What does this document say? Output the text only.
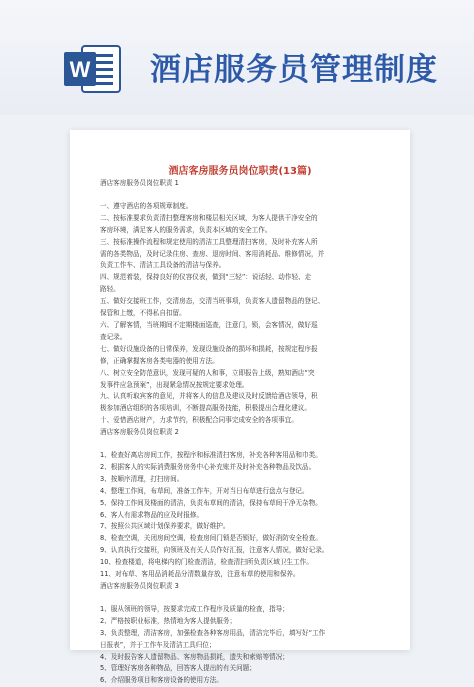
W 酒店服务员管理制度
酒店客房服务员岗位职责(13篇)

酒店客房服务员岗位职责 1

一、遵守酒店的各项规章制度。

二、按标准要求负责清扫整理客房和楼层相关区域，为客人提供干净安全的

客房环境，满足客人的服务需求，负责本区域的安全工作。

三、按标准操作流程和规定使用的清洁工具整理清扫客房，及时补充客人所

需的各类物品，及时记录住房、查房、退房时间、客用消耗品、维修情况，并

负责工作车、清洁工具设备的清洁与保养。

四、规范着装，保持良好的仪容仪表，做到“三轻”：说话轻、动作轻、走

路轻。

五、做好交接班工作，交清房态，交清当班事项，负责客人遗留物品的登记、

保管和上缴，不得私自扣留。

六、了解客情，当班期间不定期楼面巡查，注意门，锁，会客情况，做好巡

查记录。

七、做好设施设备的日常保养，发现设施设备的损坏和损耗，按规定程序报

修，正确掌握客房各类电器的使用方法。

八、树立安全防范意识，发现可疑的人和事，立即报告上级，熟知酒店“突

发事件应急预案”，出现紧急情况按规定要求处理。

九、认真听取宾客的意见，并将客人的信息及建议及时反馈给酒店领导，积

极参加酒店组织的各项培训，不断提高服务技能，积极提出合理化建议。

十、爱惜酒店财产，力求节约，积极配合同事完成安全的各项事宜。

酒店客房服务员岗位职责 2

1、检查好离店房间工作，按程序和标准清扫客房，补充各种客用品和巾类。

2、根据客人的实际消费服务房务中心补充账并及时补充各种物品及饮品。

3、按顺序清理，打扫房间。

4、整理工作间，布草间，准备工作车，开对当日布草进行盘点与登记。

5、保持工作间及楼面的清洁，负责布草间的清洁，保持布草间干净无杂物。

6、客人有需求物品的应及时报修。

7、按照公共区域计划保养要求，做好维护。

8、检查空调，关闭房间空调，检查房间门锁是否锁好，做好消防安全检查。

9、认真执行交接班，向领班及有关人员作好汇报，注意客人情况，做好记录。

10、检查楼道，将电梯内的门检查清洁，检查清扫所负责区域卫生工作。

11、对布草、客用品消耗品分清数量存放，注意布草的使用和保养。

酒店客房服务员岗位职责 3

1、服从领班的领导，按要求完成工作程序及质量的检查，指导；

2、严格按职业标准，热情地为客人提供服务；

3、负责整理，清洁客房，加强检查各种客房用品，清洁完毕后，填写好“工作

日报表”，并于工作车及清洁工具归位；

4、及时报告客人遗留物品、客房物品损耗，遗失和索赔等情况；

5、管理好客房各种物品，回答客人提出的有关问题；

6、介绍服务项目和客房设备的使用方法。
